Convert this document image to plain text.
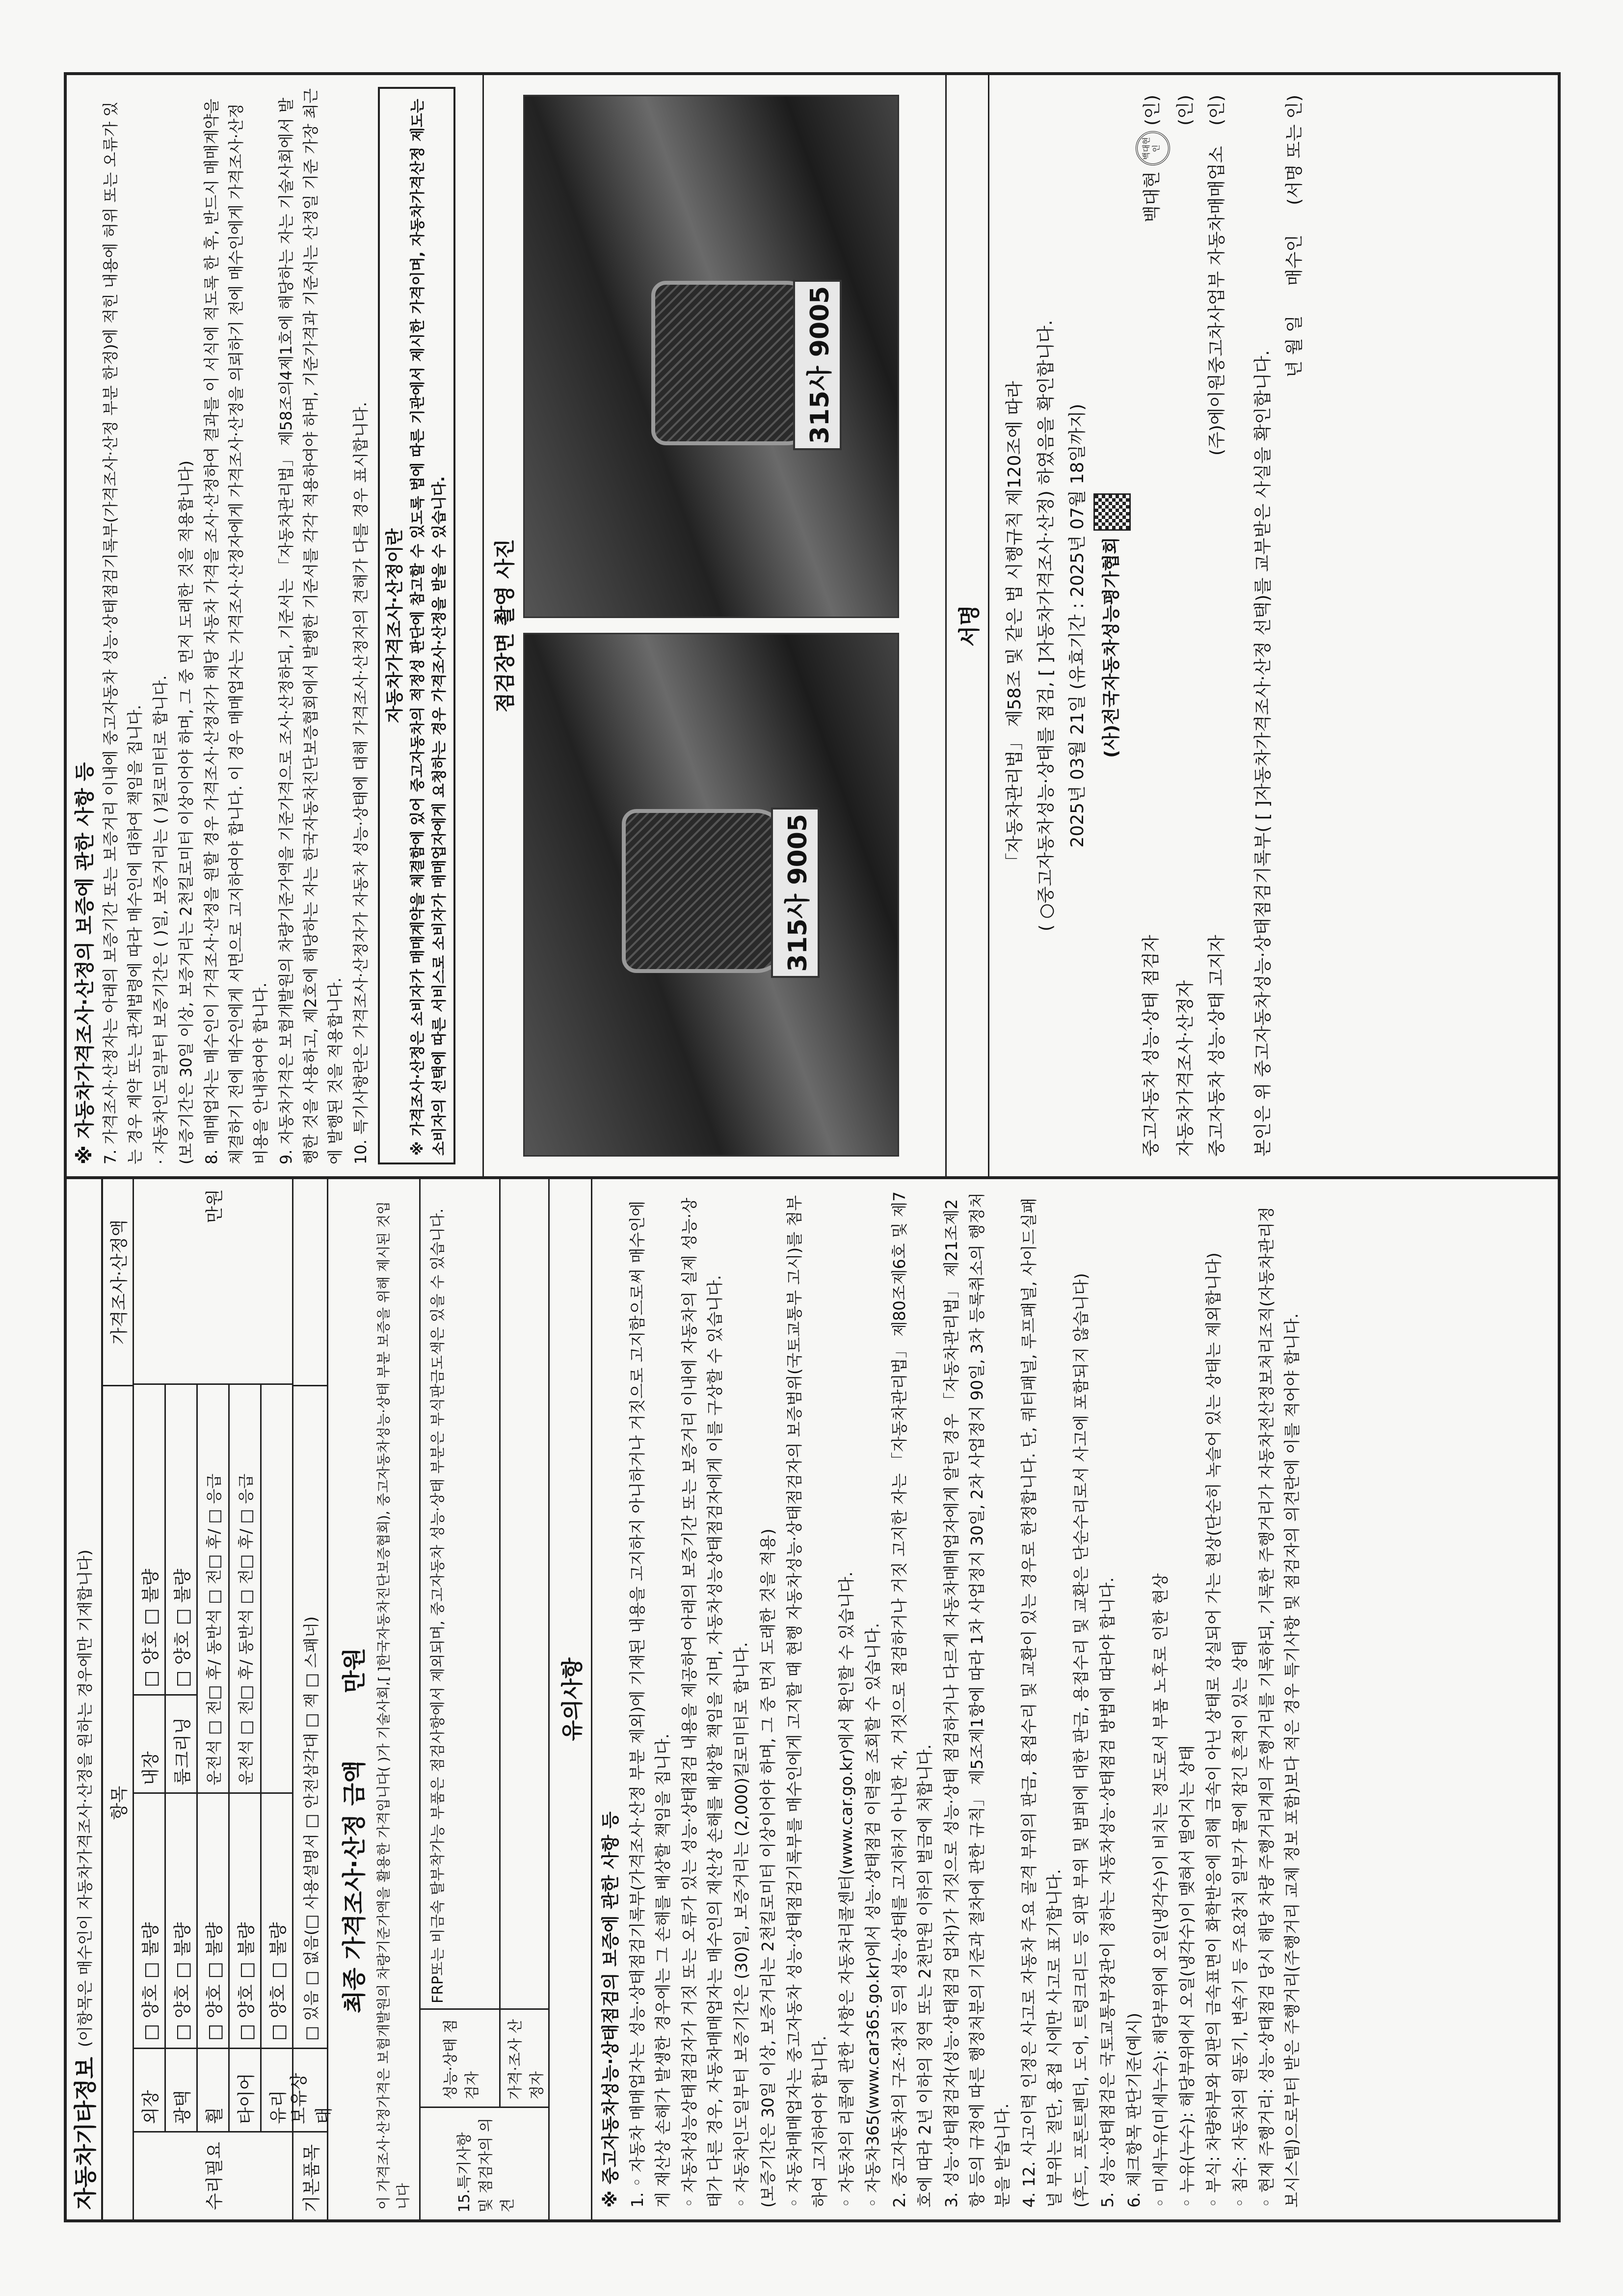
자동차기타정보
(이항목은 매수인이 자동차가격조사·산정을 원하는 경우에만 기재합니다) 항목
가격조사·산정액
수리필요
외장
□ 양호 □ 불량
내장
□ 양호 □ 불량
광택
□ 양호 □ 불량
룸크리닝
□ 양호 □ 불량
휠
□ 양호 □ 불량
운전석 □ 전□ 후/ 동반석 □ 전□ 후/ □ 응급
타이어
□ 양호 □ 불량
운전석 □ 전□ 후/ 동반석 □ 전□ 후/ □ 응급
유리
□ 양호 □ 불량
만원
기본품목
보유상태
□ 있음 □ 없음(□ 사용설명서 □ 안전삼각대 □ 잭 □ 스패너) 최종 가격조사·산정 금액 만원 이 가격조사·산정가격은 보험개발원의 차량기준가액을 활용한 가격입니다( )가 기술사회,[ ]한국자동차진단보증협회), 중고자동차성능·상태 부분 보증을 위해 제시된 것입니다	15.특기사항 및 점검자의 의견
성능·상태 점검자
FRP또는 비금속 탈부착가능 부품은 점검사항에서 제외되며, 중고자동차 성능·상태 부분은 부식판금도색은 있을 수 있습니다.
가격·조사 산정자
유의사항

※ 중고자동차성능·상태점검의 보증에 관한 사항 등 1. ◦ 자동차 매매업자는 성능·상태점검기록부(가격조사·산정 부분 제외)에 기재된 내용을 고지하지 아니하거나 거짓으로 고지함으로써 매수인에게 재산상 손해가 발생한 경우에는 그 손해를 배상할 책임을 집니다. ◦ 자동차성능상태점검자가 거짓 또는 오류가 있는 성능·상태점검 내용을 제공하여 아래의 보증기간 또는 보증거리 이내에 자동차의 실제 성능·상태가 다른 경우, 자동차매매업자는 매수인의 재산상 손해를 배상할 책임을 지며, 자동차성능상태점검자에게 이를 구상할 수 있습니다. ◦ 자동차인도일부터 보증기간은 (30)일, 보증거리는 (2,000)킬로미터로 합니다. (보증기간은 30일 이상, 보증거리는 2천킬로미터 이상이어야 하며, 그 중 먼저 도래한 것을 적용) ◦ 자동차매매업자는 중고자동차 성능·상태점검기록부를 매수인에게 고지할 때 현행 자동차성능·상태점검자의 보증범위(국토교통부 고시)를 첨부하여 고지하여야 합니다. ◦ 자동차의 리콜에 관한 사항은 자동차리콜센터(www.car.go.kr)에서 확인할 수 있습니다. ◦ 자동차365(www.car365.go.kr)에서 성능·상태점검 이력을 조회할 수 있습니다. 2. 중고자동차의 구조·장치 등의 성능·상태를 고지하지 아니한 자, 거짓으로 점검하거나 거짓 고지한 자는 「자동차관리법」 제80조제6호 및 제7호에 따라 2년 이하의 징역 또는 2천만원 이하의 벌금에 처합니다. 3. 성능·상태점검자(성능·상태점검 업자)가 거짓으로 성능·상태 점검하거나 다르게 자동차매매업자에게 알린 경우 「자동차관리법」 제21조제2항 등의 규정에 따른 행정처분의 기준과 절차에 관한 규칙」 제5조제1항에 따라 1차 사업정지 30일, 2차 사업정지 90일, 3차 등록취소의 행정처분을 받습니다. 4. 12. 사고이력 인정은 사고로 자동차 주요 골격 부위의 판금, 용접수리 및 교환이 있는 경우로 한정합니다. 단, 쿼터패널, 루프패널, 사이드실패널 부위는 절단, 용접 시에만 사고로 표기합니다. (후드, 프론트펜더, 도어, 트렁크리드 등 외판 부위 및 범퍼에 대한 판금, 용접수리 및 교환은 단순수리로서 사고에 포함되지 않습니다) 5. 성능·상태점검은 국토교통부장관이 정하는 자동차성능·상태점검 방법에 따라야 합니다. 6. 체크항목 판단기준(예시) ◦ 미세누유(미세누수): 해당부위에 오일(냉각수)이 비치는 정도로서 부품 노후로 인한 현상 ◦ 누유(누수): 해당부위에서 오일(냉각수)이 맺혀서 떨어지는 상태 ◦ 부식: 차량하부와 외판의 금속표면이 화학반응에 의해 금속이 아닌 상태로 상실되어 가는 현상(단순히 녹슬어 있는 상태는 제외합니다) ◦ 침수: 자동차의 원동기, 변속기 등 주요장치 일부가 물에 잠긴 흔적이 있는 상태 ◦ 현재 주행거리: 성능·상태점검 당시 해당 차량 주행거리계의 주행거리를 기록하되, 기록한 주행거리가 자동차전산정보처리조직(자동차관리정보시스템)으로부터 받은 주행거리(주행거리 교체 정보 포함)보다 적은 경우 특기사항 및 점검자의 의견란에 이를 적어야 합니다.

※ 자동차가격조사·산정의 보증에 관한 사항 등 7. 가격조사·산정자는 아래의 보증기간 또는 보증거리 이내에 중고자동차 성능·상태점검기록부(가격조사·산정 부분 한정)에 적힌 내용에 허위 또는 오류가 있는 경우 계약 또는 관계법령에 따라 매수인에 대하여 책임을 집니다. · 자동차인도일부터 보증기간은 ( )일, 보증거리는 ( )킬로미터로 합니다. (보증기간은 30일 이상, 보증거리는 2천킬로미터 이상이어야 하며, 그 중 먼저 도래한 것을 적용합니다) 8. 매매업자는 매수인이 가격조사·산정을 원할 경우 가격조사·산정자가 해당 자동차 가격을 조사·산정하여 결과를 이 서식에 적도록 한 후, 반드시 매매계약을 체결하기 전에 매수인에게 서면으로 고지하여야 합니다. 이 경우 매매업자는 가격조사·산정자에게 가격조사·산정을 의뢰하기 전에 매수인에게 가격조사·산정 비용을 안내하여야 합니다. 9. 자동차가격은 보험개발원의 차량기준가액을 기준가격으로 조사·산정하되, 기준서는 「자동차관리법」 제58조의4제1호에 해당하는 자는 기술사회에서 발행한 것을 사용하고, 제2호에 해당하는 자는 한국자동차진단보증협회에서 발행한 기준서를 각각 적용하여야 하며, 기준가격과 기준서는 산정일 기준 가장 최근에 발행된 것을 적용합니다. 10. 특기사항란은 가격조사·산정자가 자동차 성능·상태에 대해 가격조사·산정자의 견해가 다를 경우 표시합니다. 자동차가격조사·산정이란 ※ 가격조사·산정은 소비자가 매매계약을 체결함에 있어 중고자동차의 적정성 판단에 참고할 수 있도록 법에 따른 기관에서 제시한 가격이며, 자동차가격산정 제도는 소비자의 선택에 따른 서비스로 소비자가 매매업자에게 요청하는 경우 가격조사·산정을 받을 수 있습니다. 점검장면 촬영 사진
315사 9005
315사 9005
서명	「자동차관리법」 제58조 및 같은 법 시행규칙 제120조에 따라 ( ○중고자동차성능·상태를 점검, [ ]자동차가격조사·산정) 하였음을 확인합니다. 2025년 03월 21일 (유효기간 : 2025년 07월 18일까지) (사)전국자동차성능평가협회
중고자동차 성능·상태 점검자
백대현 백대현
인 (인)
자동차가격조사·산정자
(인)
중고자동차 성능·상태 고지자
(주)에이원중고차사업부 자동차매매업소 (인)
본인은 위 중고자동차성능·상태점검기록부( [ ]자동차가격조사·산정 선택)를 교부받은 사실을 확인합니다.
년 월 일
매수인
(서명 또는 인)
